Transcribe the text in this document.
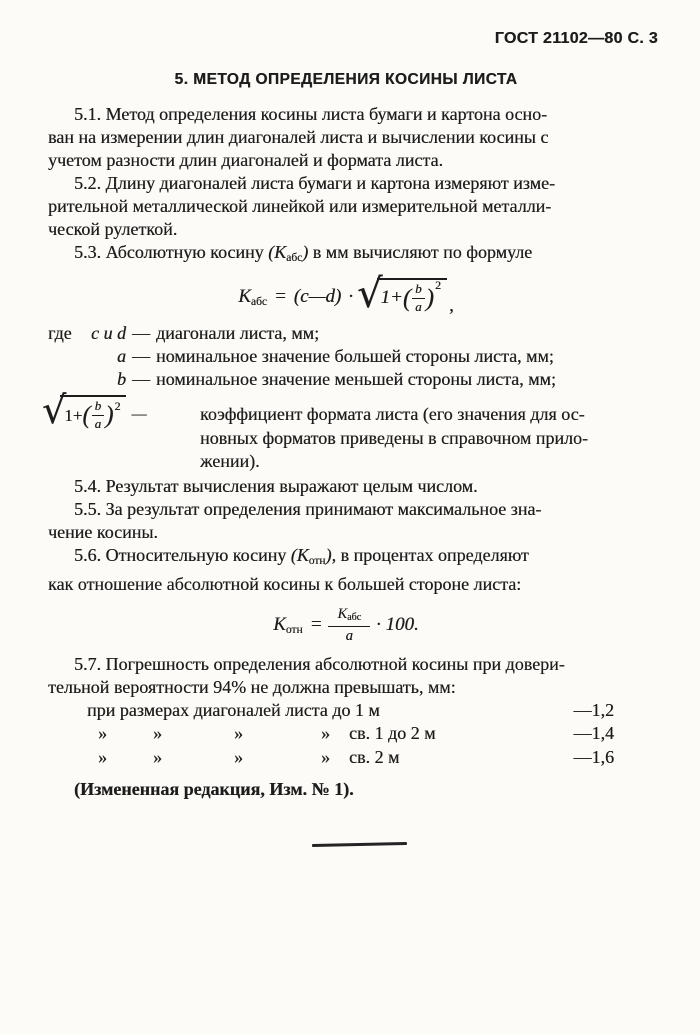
ГОСТ 21102—80 С. 3
5. МЕТОД ОПРЕДЕЛЕНИЯ КОСИНЫ ЛИСТА
5.1. Метод определения косины листа бумаги и картона осно-
ван на измерении длин диагоналей листа и вычислении косины с
учетом разности длин диагоналей и формата листа.
5.2. Длину диагоналей листа бумаги и картона измеряют изме-
рительной металлической линейкой или измерительной металли-
ческой рулеткой.
5.3. Абсолютную косину $(К_{абс})$ в мм вычисляют по формуле
$К_{абс}$ = (c—d) · √
1+ ( $\frac{b}{a} )^2$
,
где	c и d — диагонали листа, мм;
a — номинальное значение большей стороны листа, мм;
b — номинальное значение меньшей стороны листа, мм;
√
1+ ( $\frac{b}{a} )^2$ —	коэффициент формата листа (его значения для ос-
новных форматов приведены в справочном прило-
жении).
5.4. Результат вычисления выражают целым числом.
5.5. За результат определения принимают максимальное зна-
чение косины.
5.6. Относительную косину $(К_{отн})$, в процентах определяют
как отношение абсолютной косины к большей стороне листа:
$К_{отн}$ =
$К_{абс}$
a
· 100.
5.7. Погрешность определения абсолютной косины при довери-
тельной вероятности 94% не должна превышать, мм:
при размерах диагоналей листа до 1 м	—1,2
»	»	»	» св. 1 до 2 м	—1,4
»	»	»	» св. 2 м	—1,6
(Измененная редакция, Изм. № 1).
